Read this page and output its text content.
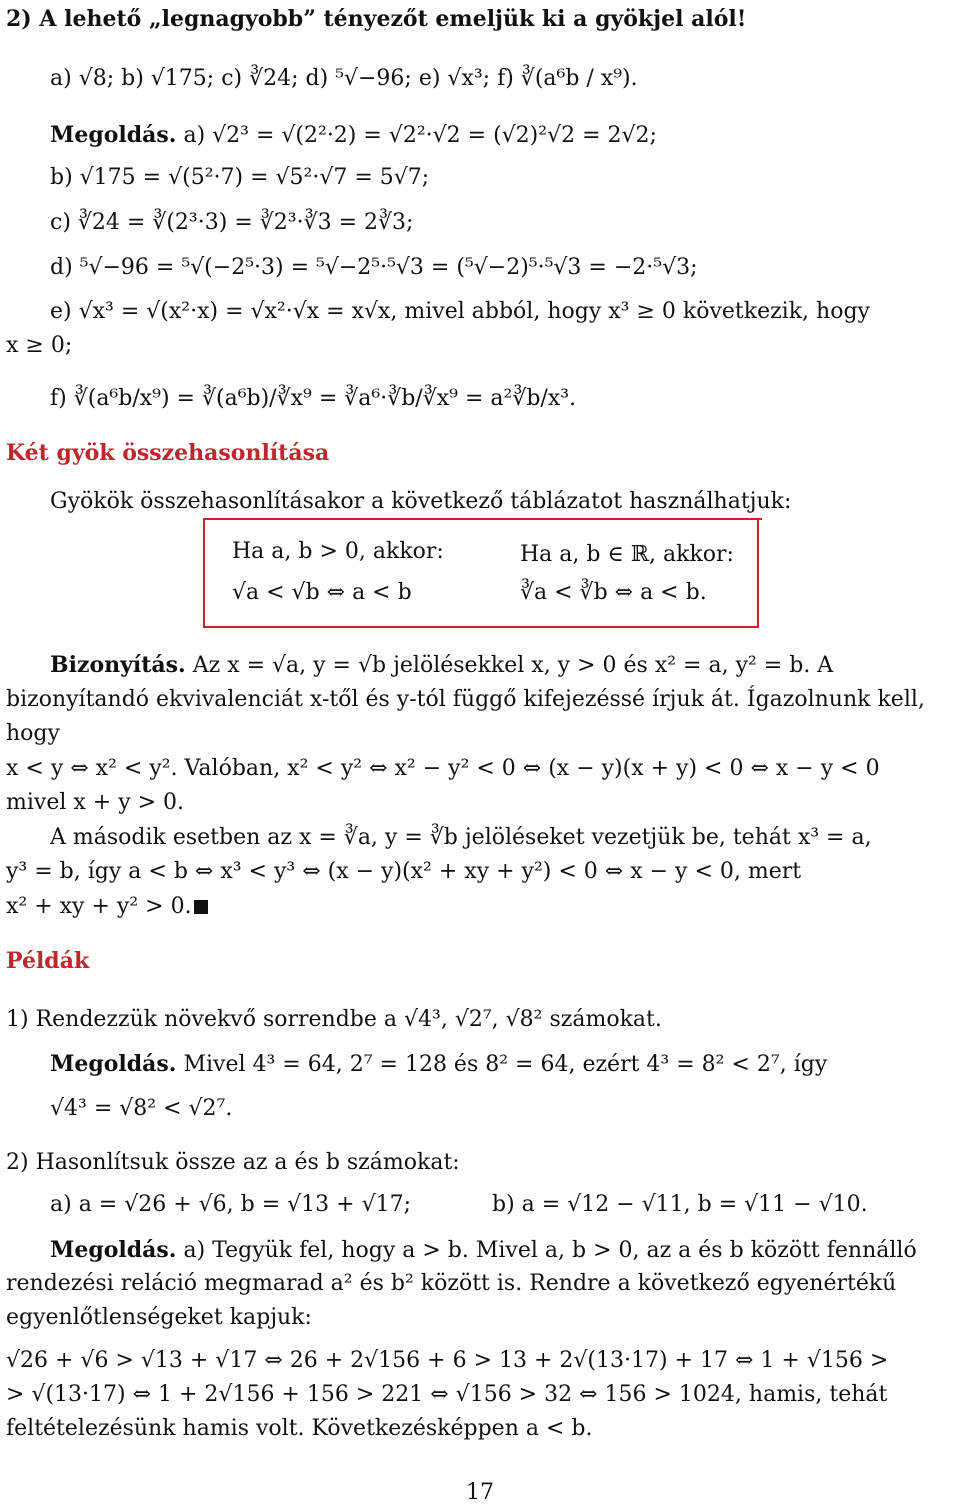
2) A lehető „legnagyobb” tényezőt emeljük ki a gyökjel alól!
a) √8; b) √175; c) ∛24; d) ⁵√−96; e) √x³; f) ∛(a⁶b / x⁹).
Megoldás. a) √2³ = √(2²·2) = √2²·√2 = (√2)²√2 = 2√2;
b) √175 = √(5²·7) = √5²·√7 = 5√7;
c) ∛24 = ∛(2³·3) = ∛2³·∛3 = 2∛3;
d) ⁵√−96 = ⁵√(−2⁵·3) = ⁵√−2⁵·⁵√3 = (⁵√−2)⁵·⁵√3 = −2·⁵√3;
e) √x³ = √(x²·x) = √x²·√x = x√x, mivel abból, hogy x³ ≥ 0 következik, hogy
x ≥ 0;
f) ∛(a⁶b/x⁹) = ∛(a⁶b)/∛x⁹ = ∛a⁶·∛b/∛x⁹ = a²∛b/x³.
Két gyök összehasonlítása
Gyökök összehasonlításakor a következő táblázatot használhatjuk:
Ha a, b > 0, akkor:
√a < √b ⇔ a < b
Ha a, b ∈ ℝ, akkor:
∛a < ∛b ⇔ a < b.
Bizonyítás. Az x = √a, y = √b jelölésekkel x, y > 0 és x² = a, y² = b. A
bizonyítandó ekvivalenciát x-től és y-tól függő kifejezéssé írjuk át. Ígazolnunk kell,
hogy
x < y ⇔ x² < y². Valóban, x² < y² ⇔ x² − y² < 0 ⇔ (x − y)(x + y) < 0 ⇔ x − y < 0
mivel x + y > 0.
A második esetben az x = ∛a, y = ∛b jelöléseket vezetjük be, tehát x³ = a,
y³ = b, így a < b ⇔ x³ < y³ ⇔ (x − y)(x² + xy + y²) < 0 ⇔ x − y < 0, mert
x² + xy + y² > 0.
Példák
1) Rendezzük növekvő sorrendbe a √4³, √2⁷, √8² számokat.
Megoldás. Mivel 4³ = 64, 2⁷ = 128 és 8² = 64, ezért 4³ = 8² < 2⁷, így
√4³ = √8² < √2⁷.
2) Hasonlítsuk össze az a és b számokat:
a) a = √26 + √6, b = √13 + √17;	b) a = √12 − √11, b = √11 − √10.
Megoldás. a) Tegyük fel, hogy a > b. Mivel a, b > 0, az a és b között fennálló
rendezési reláció megmarad a² és b² között is. Rendre a következő egyenértékű
egyenlőtlenségeket kapjuk:
√26 + √6 > √13 + √17 ⇔ 26 + 2√156 + 6 > 13 + 2√(13·17) + 17 ⇔ 1 + √156 >
> √(13·17) ⇔ 1 + 2√156 + 156 > 221 ⇔ √156 > 32 ⇔ 156 > 1024, hamis, tehát
feltételezésünk hamis volt. Következésképpen a < b.
17
